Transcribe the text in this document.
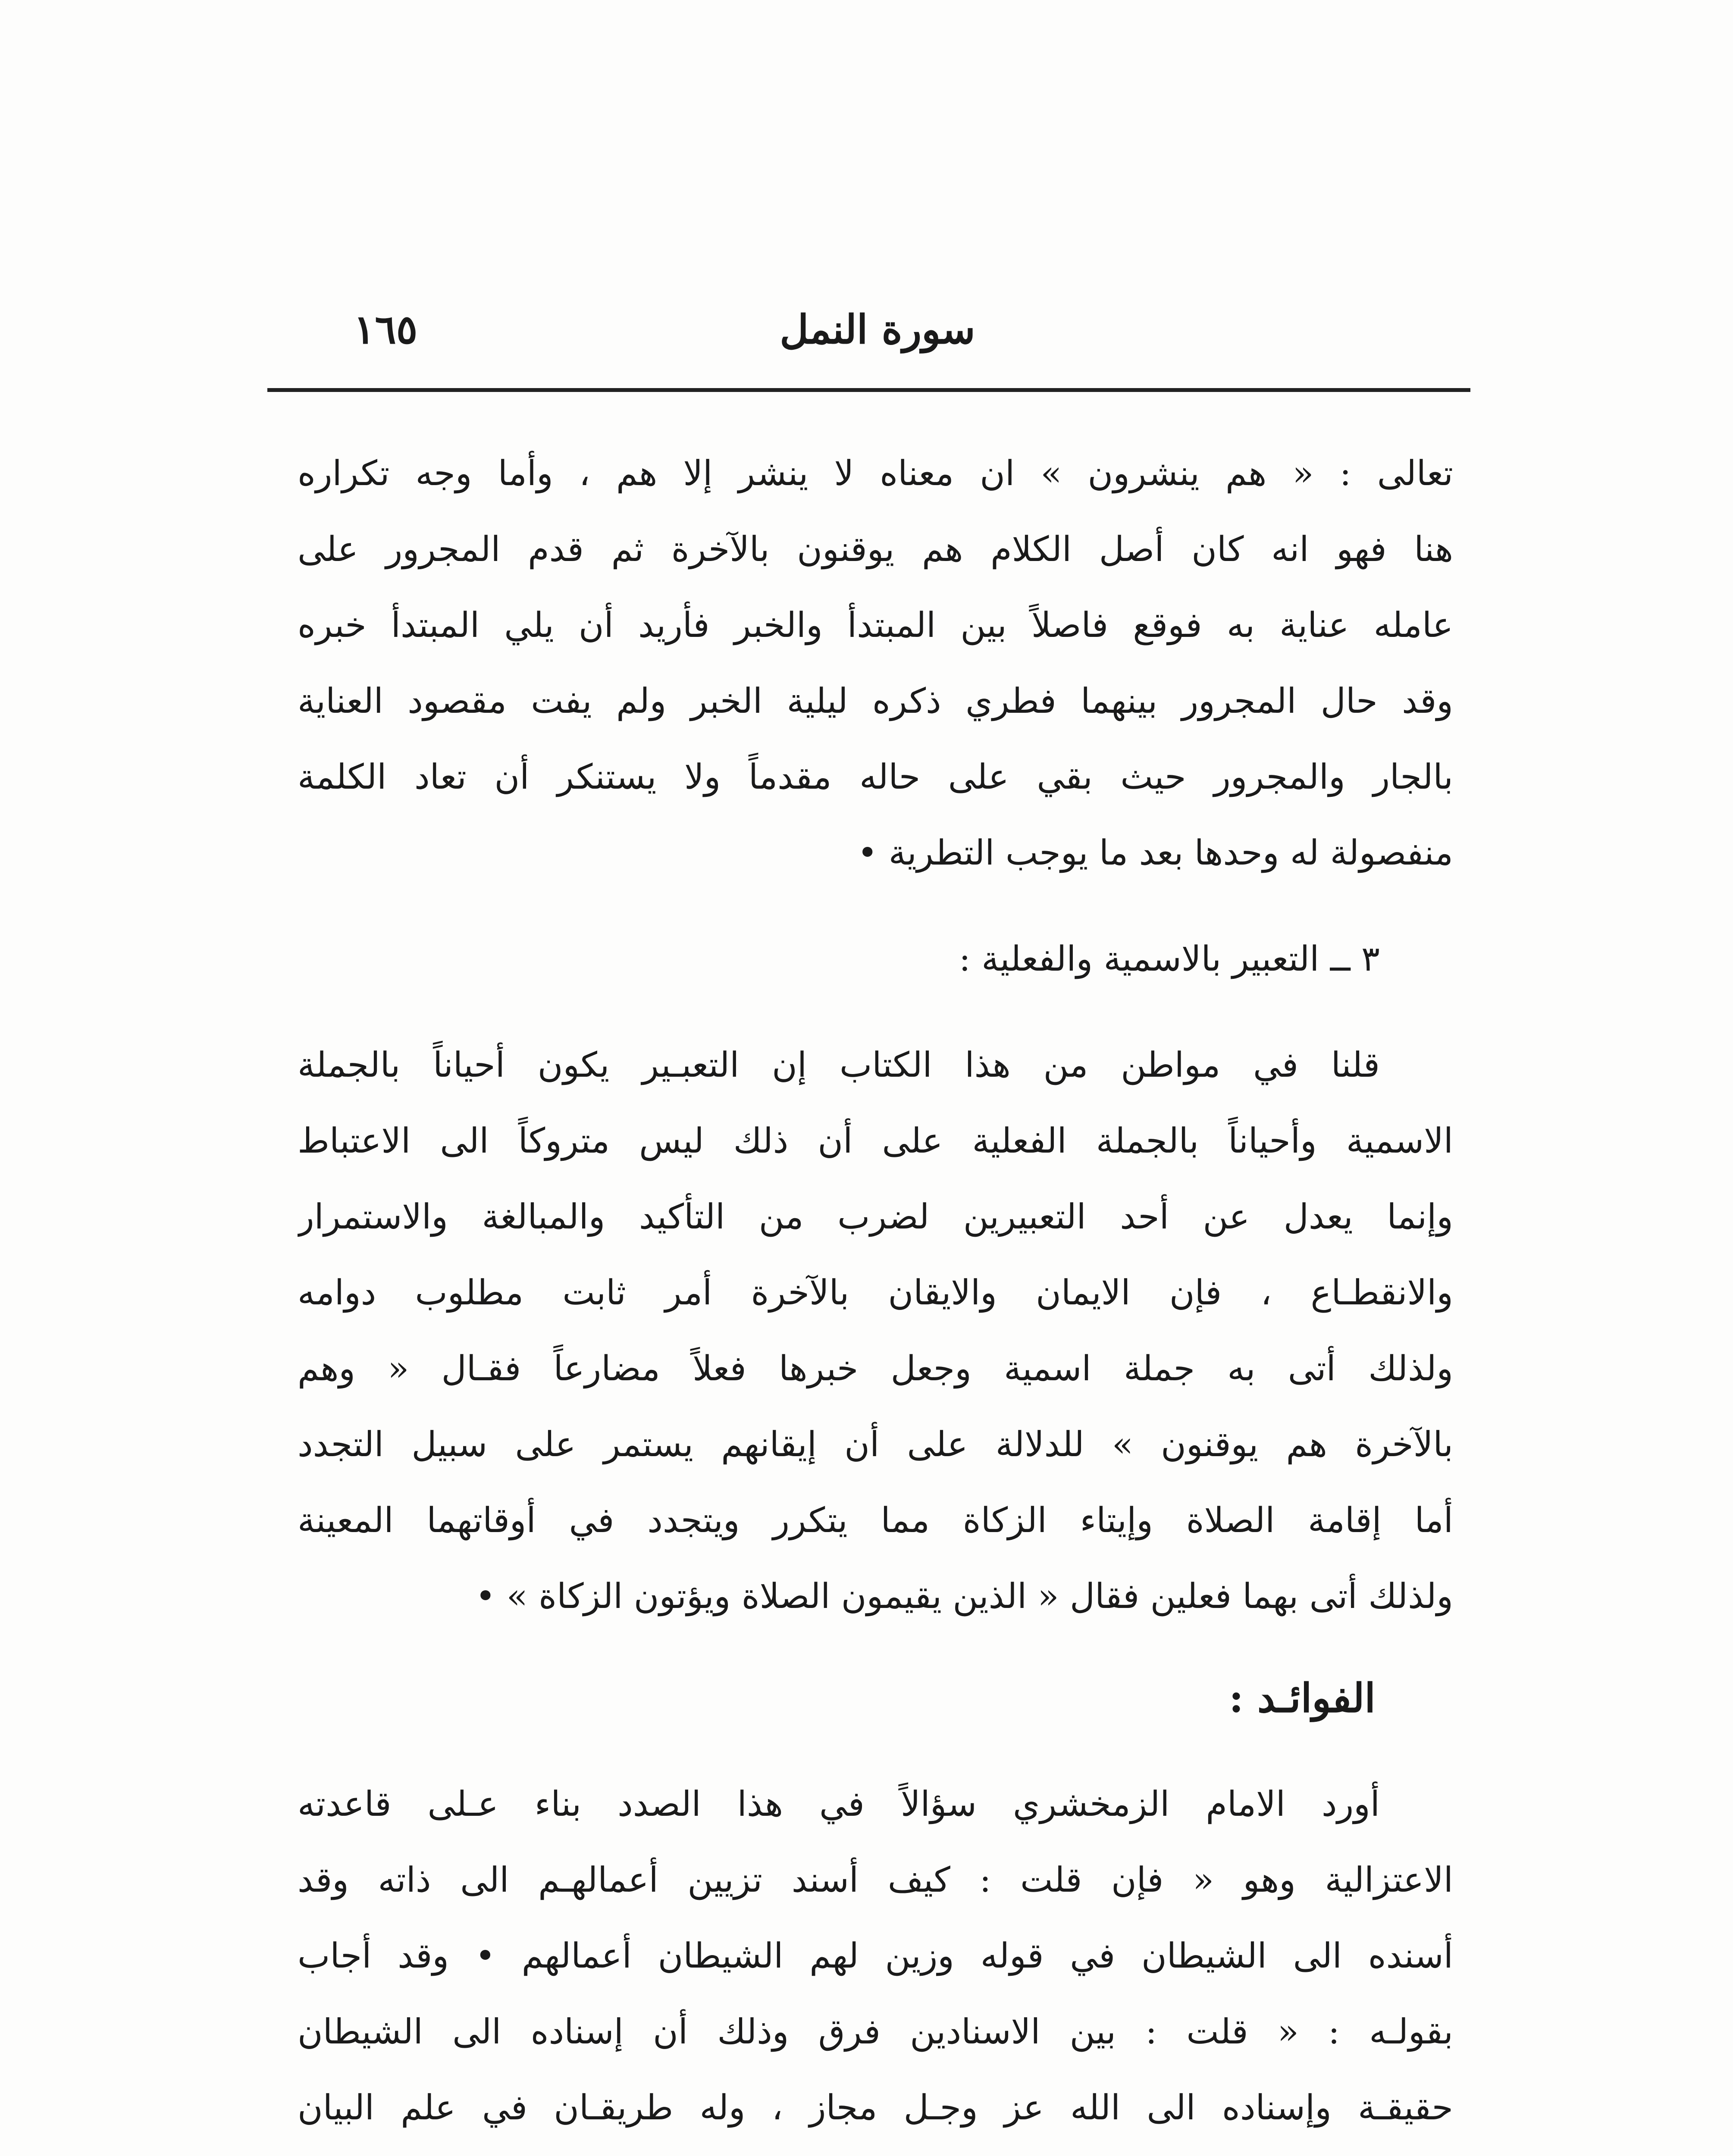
سورة النمل
١٦٥
تعالى : « هم ينشرون » ان معناه لا ينشر إلا هم ، وأما وجه تكراره
هنا فهو انه كان أصل الكلام هم يوقنون بالآخرة ثم قدم المجرور على
عامله عناية به فوقع فاصلاً بين المبتدأ والخبر فأريد أن يلي المبتدأ خبره
وقد حال المجرور بينهما فطري ذكره ليلية الخبر ولم يفت مقصود العناية
بالجار والمجرور حيث بقي على حاله مقدماً ولا يستنكر أن تعاد الكلمة
منفصولة له وحدها بعد ما يوجب التطرية •
٣ ــ التعبير بالاسمية والفعلية :
قلنا في مواطن من هذا الكتاب إن التعبـير يكون أحياناً بالجملة
الاسمية وأحياناً بالجملة الفعلية على أن ذلك ليس متروكاً الى الاعتباط
وإنما يعدل عن أحد التعبيرين لضرب من التأكيد والمبالغة والاستمرار
والانقطـاع ، فإن الايمان والايقان بالآخرة أمر ثابت مطلوب دوامه
ولذلك أتى به جملة اسمية وجعل خبرها فعلاً مضارعاً فقـال « وهم
بالآخرة هم يوقنون » للدلالة على أن إيقانهم يستمر على سبيل التجدد
أما إقامة الصلاة وإيتاء الزكاة مما يتكرر ويتجدد في أوقاتهما المعينة
ولذلك أتى بهما فعلين فقال « الذين يقيمون الصلاة ويؤتون الزكاة » •
الفوائـد :
أورد الامام الزمخشري سؤالاً في هذا الصدد بناء عـلى قاعدته
الاعتزالية وهو « فإن قلت : كيف أسند تزيين أعمالهـم الى ذاته وقد
أسنده الى الشيطان في قوله وزين لهم الشيطان أعمالهم • وقد أجاب
بقولـه : « قلت : بين الاسنادين فرق وذلك أن إسناده الى الشيطان
حقيقـة وإسناده الى الله عز وجـل مجاز ، وله طريقـان في علم البيان
